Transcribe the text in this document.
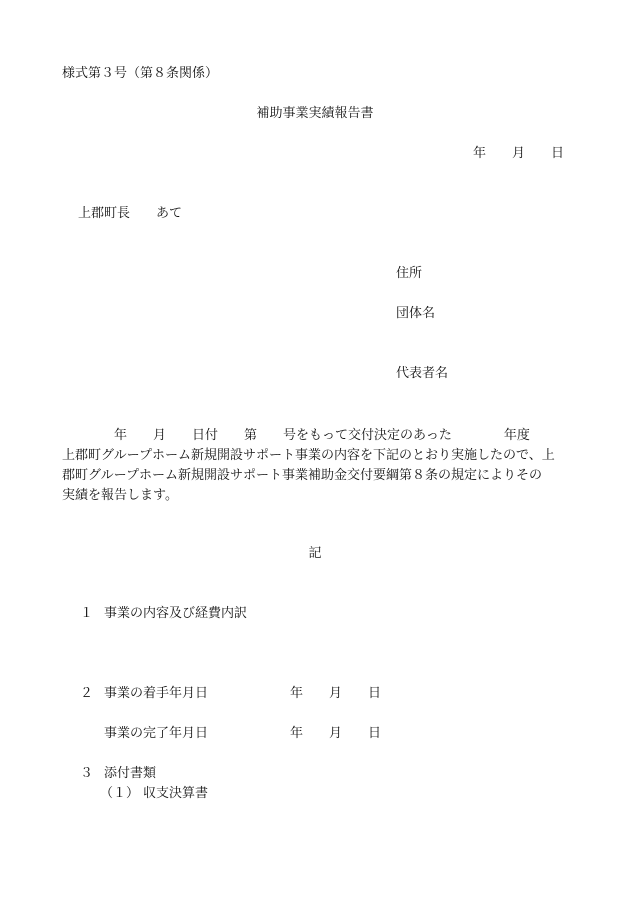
様式第３号（第８条関係）
補助事業実績報告書
年　　月　　日
上郡町長　　あて
住所
団体名
代表者名
　　　　年　　月　　日付　　第　　号をもって交付決定のあった　　　　年度
上郡町グループホーム新規開設サポート事業の内容を下記のとおり実施したので、上
郡町グループホーム新規開設サポート事業補助金交付要綱第８条の規定によりその
実績を報告します。
記
１ 事業の内容及び経費内訳
２ 事業の着手年月日	年　　月　　日
事業の完了年月日	年　　月　　日
３ 添付書類
（１） 収支決算書
